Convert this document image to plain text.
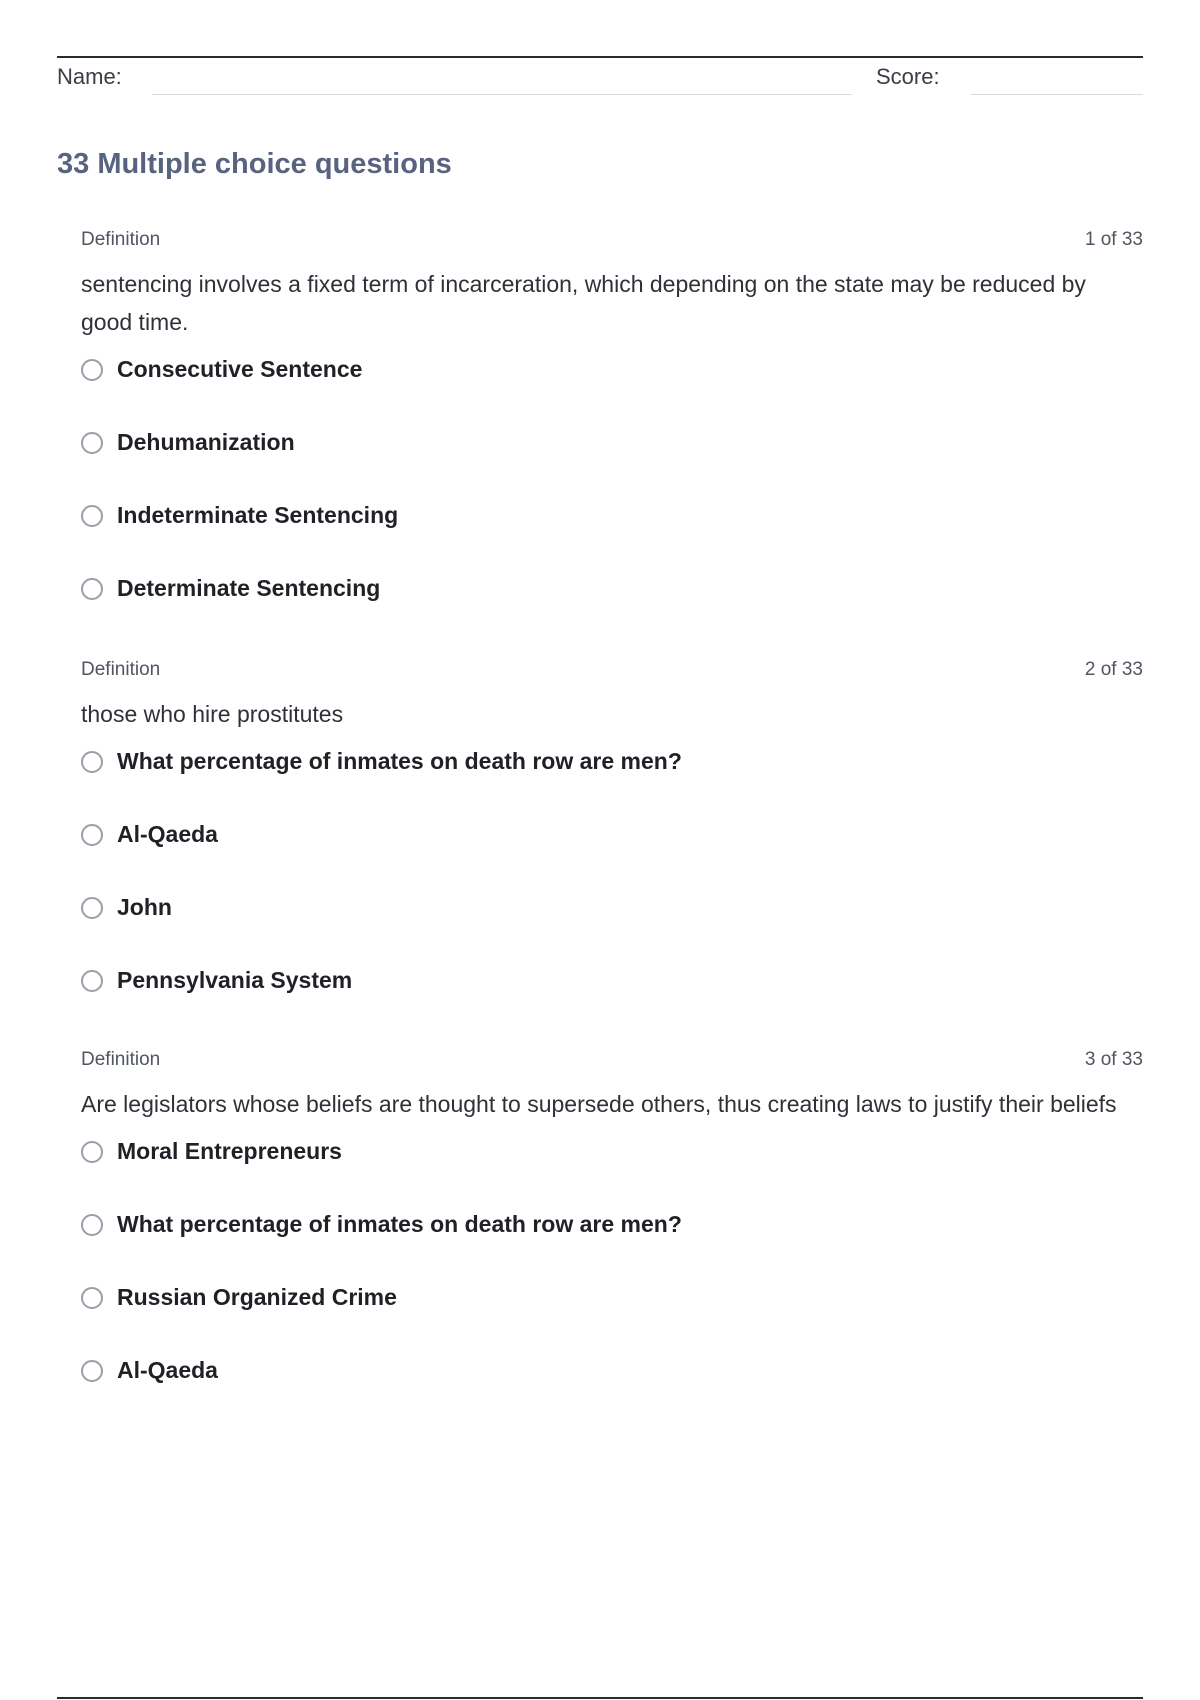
Name:	Score:
33 Multiple choice questions
Definition	1 of 33
sentencing involves a fixed term of incarceration, which depending on the state may be reduced by good time.
Consecutive Sentence
Dehumanization
Indeterminate Sentencing
Determinate Sentencing
Definition	2 of 33
those who hire prostitutes
What percentage of inmates on death row are men?
Al-Qaeda
John
Pennsylvania System
Definition	3 of 33
Are legislators whose beliefs are thought to supersede others, thus creating laws to justify their beliefs
Moral Entrepreneurs
What percentage of inmates on death row are men?
Russian Organized Crime
Al-Qaeda
